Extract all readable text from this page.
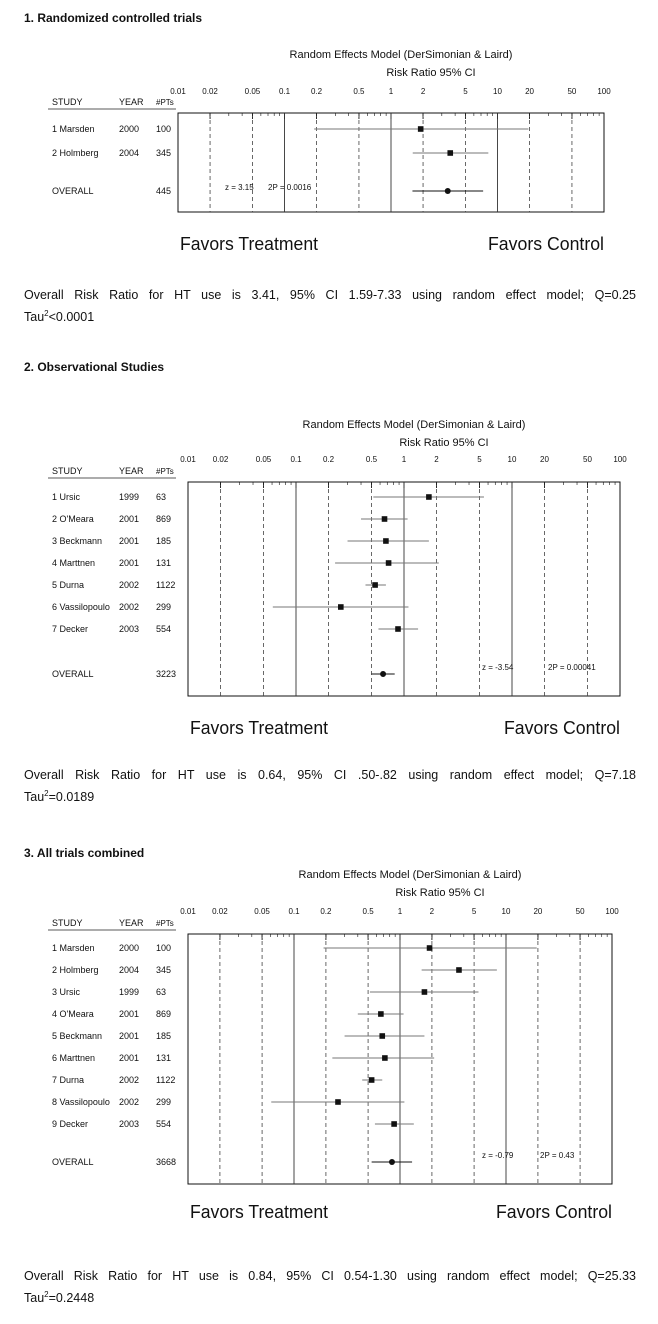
1. Randomized controlled trials
Random Effects Model (DerSimonian & Laird)
Risk Ratio 95% CI
STUDY	YEAR #PTs
0.01 0.02	0.05 0.1	0.2	0.5	1	2	5	10	20	50	100
1 Marsden	2000 100
2 Holmberg 2004 345
OVERALL	445	z = 3.15 2P = 0.0016
Favors Treatment	Favors Control
Overall Risk Ratio for HT use is 3.41, 95% CI 1.59-7.33 using random effect model; Q=0.25
Tau$^2$<0.0001
2. Observational Studies
Random Effects Model (DerSimonian & Laird)
Risk Ratio 95% CI
STUDY	YEAR #PTs
0.01 0.02	0.05 0.1	0.2	0.5	1	2	5	10	20	50	100
1 Ursic	1999 63
2 O'Meara	2001 869
3 Beckmann 2001 185
4 Marttnen	2001 131
5 Durna	2002 1122
6 Vassilopoulo 2002 299
7 Decker	2003 554
OVERALL	3223
z = -3.54	2P = 0.00041
Favors Treatment	Favors Control
Overall Risk Ratio for HT use is 0.64, 95% CI .50-.82 using random effect model; Q=7.18
Tau$^2$=0.0189
3. All trials combined
Random Effects Model (DerSimonian & Laird)
Risk Ratio 95% CI
STUDY	YEAR #PTs
0.01 0.02	0.05 0.1	0.2	0.5	1	2	5	10	20	50	100
1 Marsden	2000 100
2 Holmberg 2004 345
3 Ursic	1999 63
4 O'Meara	2001 869
5 Beckmann 2001 185
6 Marttnen	2001 131
7 Durna	2002 1122
8 Vassilopoulo 2002 299
9 Decker	2003 554
OVERALL	3668
z = -0.79	2P = 0.43
Favors Treatment	Favors Control
Overall Risk Ratio for HT use is 0.84, 95% CI 0.54-1.30 using random effect model; Q=25.33
Tau$^2$=0.2448
